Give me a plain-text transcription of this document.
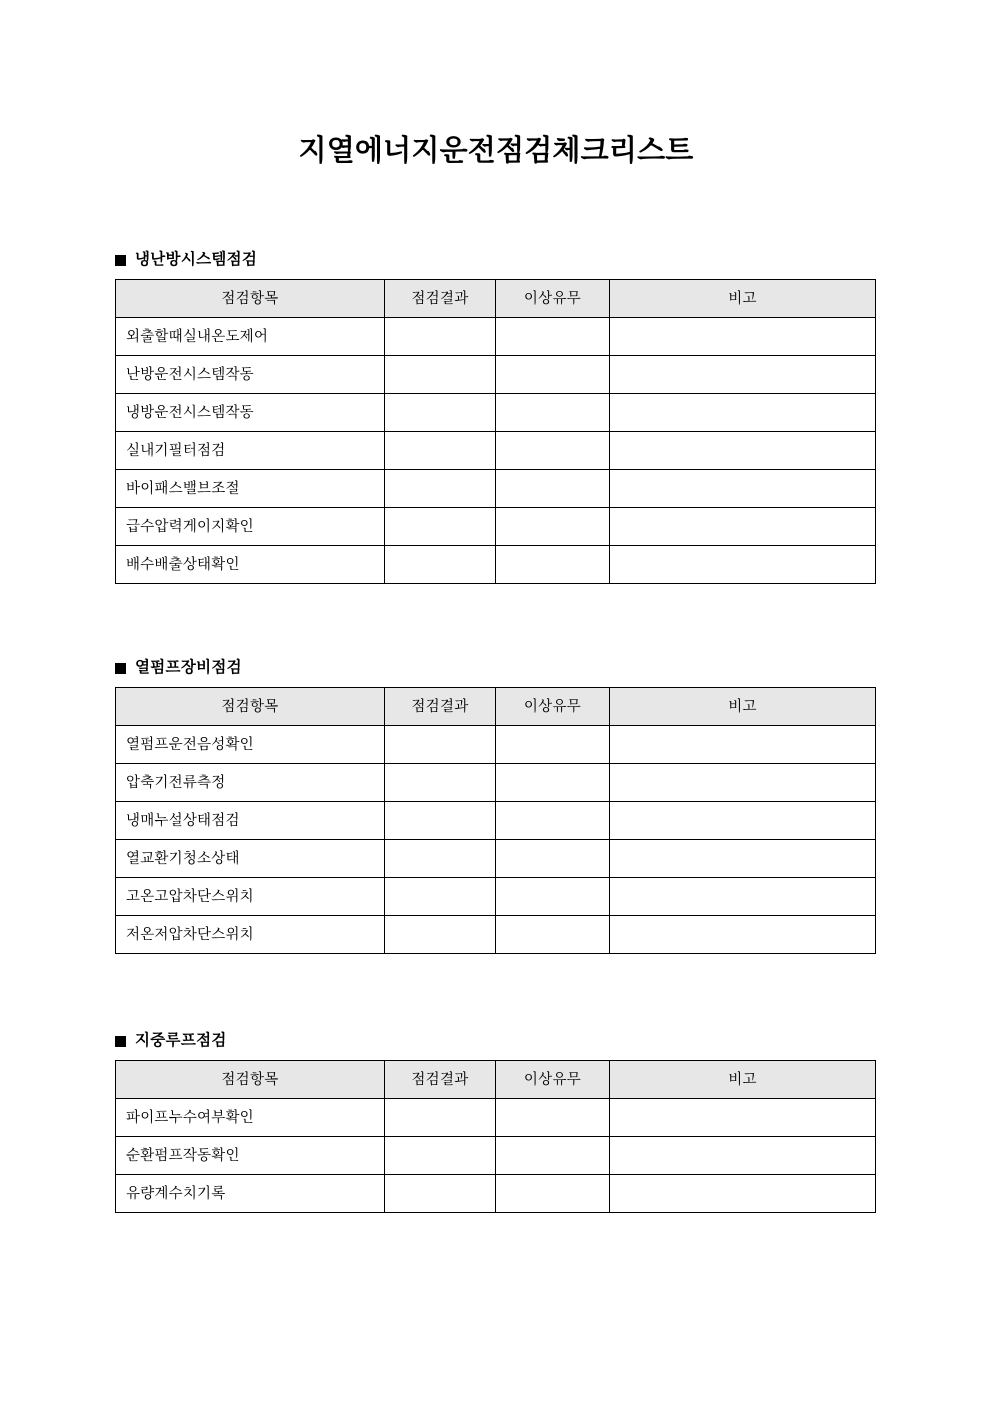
지열에너지운전점검체크리스트
냉난방시스템점검
점검항목	점검결과	이상유무	비고
외출할때실내온도제어			
난방운전시스템작동			
냉방운전시스템작동			
실내기필터점검			
바이패스밸브조절			
급수압력게이지확인			
배수배출상태확인			
열펌프장비점검
점검항목	점검결과	이상유무	비고
열펌프운전음성확인			
압축기전류측정			
냉매누설상태점검			
열교환기청소상태			
고온고압차단스위치			
저온저압차단스위치			
지중루프점검
점검항목	점검결과	이상유무	비고
파이프누수여부확인			
순환펌프작동확인			
유량계수치기록			
